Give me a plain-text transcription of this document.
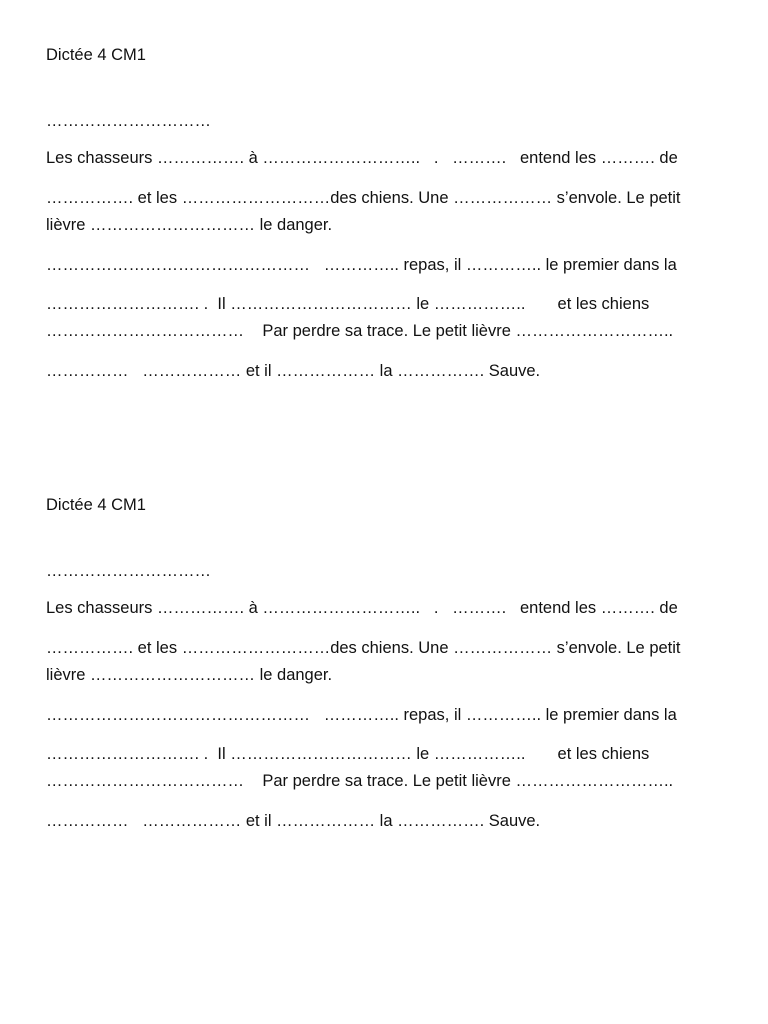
Dictée 4 CM1
…………………………
Les chasseurs ……………. à ………………………..   .   ……….   entend les ………. de
……………. et les ………………………des chiens. Une ……………… s’envole. Le petit
lièvre ………………………… le danger.
…………………………………………   ………….. repas, il ………….. le premier dans la
………………………. .  Il …………………………… le ……………..       et les chiens
………………………………    Par perdre sa trace. Le petit lièvre ………………………..
……………   ……………… et il ……………… la ……………. Sauve.
Dictée 4 CM1
…………………………
Les chasseurs ……………. à ………………………..   .   ……….   entend les ………. de
……………. et les ………………………des chiens. Une ……………… s’envole. Le petit
lièvre ………………………… le danger.
…………………………………………   ………….. repas, il ………….. le premier dans la
………………………. .  Il …………………………… le ……………..       et les chiens
………………………………    Par perdre sa trace. Le petit lièvre ………………………..
……………   ……………… et il ……………… la ……………. Sauve.
